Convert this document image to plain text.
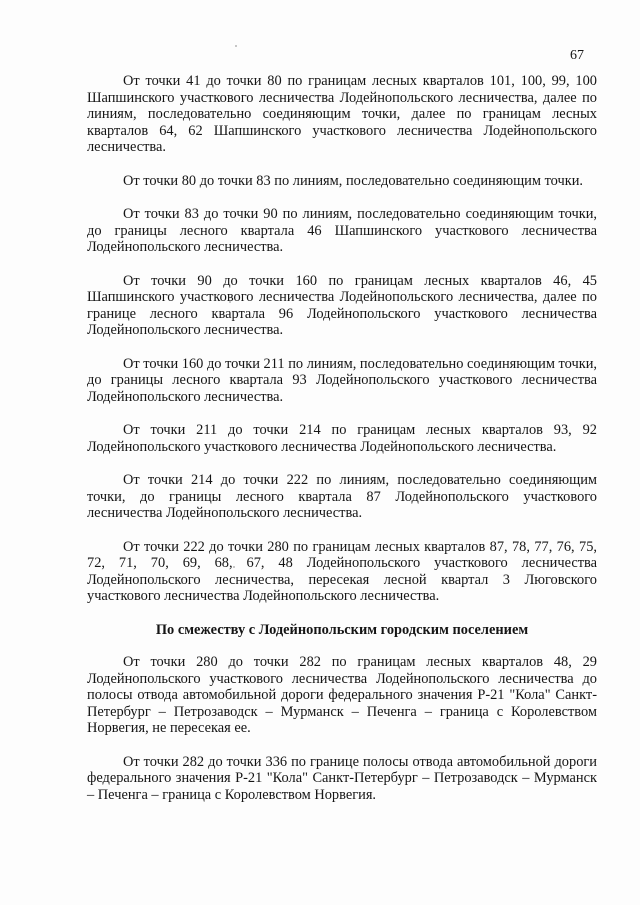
67

От точки 41 до точки 80 по границам лесных кварталов 101, 100, 99, 100 Шапшинского участкового лесничества Лодейнопольского лесничества, далее по линиям, последовательно соединяющим точки, далее по границам лесных кварталов 64, 62 Шапшинского участкового лесничества Лодейнопольского лесничества.

От точки 80 до точки 83 по линиям, последовательно соединяющим точки.

От точки 83 до точки 90 по линиям, последовательно соединяющим точки, до границы лесного квартала 46 Шапшинского участкового лесничества Лодейнопольского лесничества.

От точки 90 до точки 160 по границам лесных кварталов 46, 45 Шапшинского участкового лесничества Лодейнопольского лесничества, далее по границе лесного квартала 96 Лодейнопольского участкового лесничества Лодейнопольского лесничества.

От точки 160 до точки 211 по линиям, последовательно соединяющим точки, до границы лесного квартала 93 Лодейнопольского участкового лесничества Лодейнопольского лесничества.

От точки 211 до точки 214 по границам лесных кварталов 93, 92 Лодейнопольского участкового лесничества Лодейнопольского лесничества.

От точки 214 до точки 222 по линиям, последовательно соединяющим точки, до границы лесного квартала 87 Лодейнопольского участкового лесничества Лодейнопольского лесничества.

От точки 222 до точки 280 по границам лесных кварталов 87, 78, 77, 76, 75, 72, 71, 70, 69, 68, 67, 48 Лодейнопольского участкового лесничества Лодейнопольского лесничества, пересекая лесной квартал 3 Люговского участкового лесничества Лодейнопольского лесничества.

По смежеству с Лодейнопольским городским поселением

От точки 280 до точки 282 по границам лесных кварталов 48, 29 Лодейнопольского участкового лесничества Лодейнопольского лесничества до полосы отвода автомобильной дороги федерального значения Р-21 "Кола" Санкт-Петербург – Петрозаводск – Мурманск – Печенга – граница с Королевством Норвегия, не пересекая ее.

От точки 282 до точки 336 по границе полосы отвода автомобильной дороги федерального значения Р-21 "Кола" Санкт-Петербург – Петрозаводск – Мурманск – Печенга – граница с Королевством Норвегия.
